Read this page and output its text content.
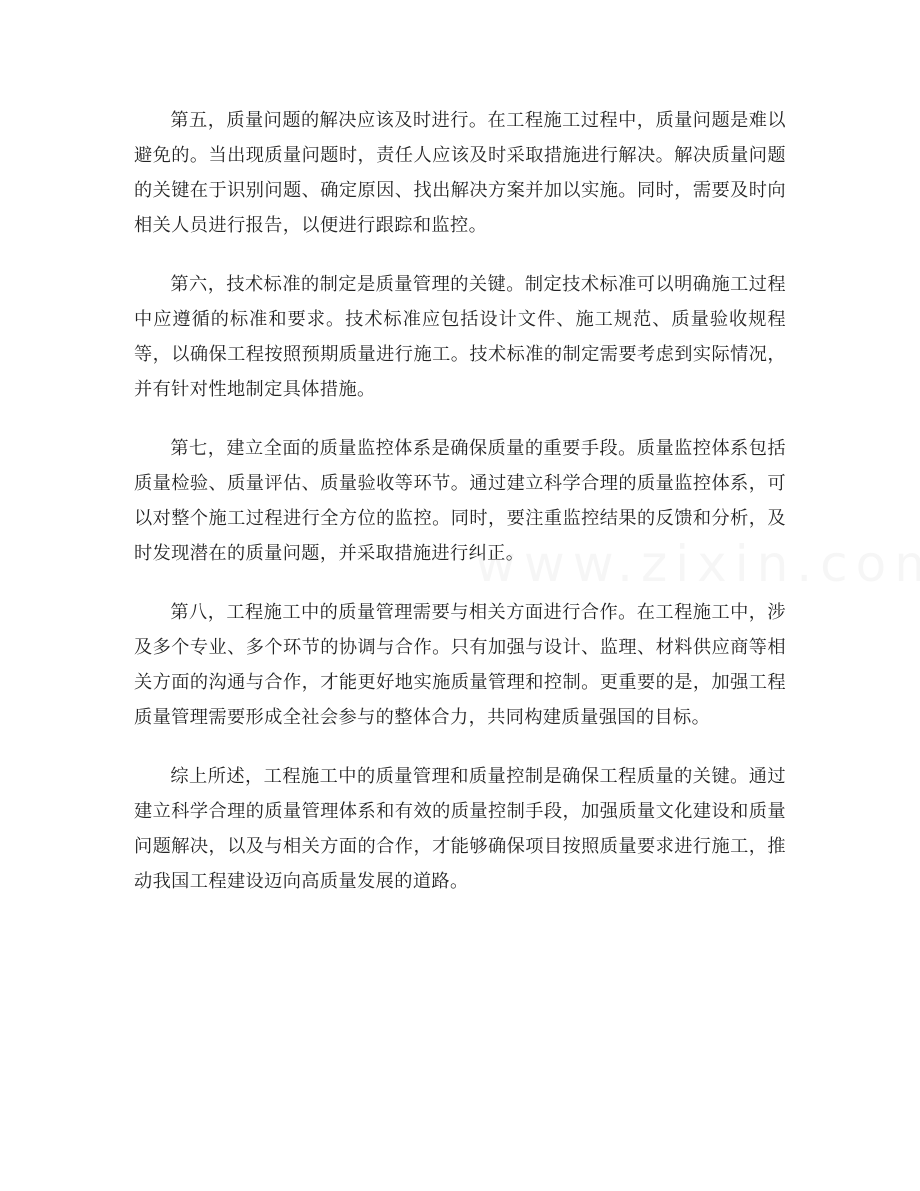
第五，质量问题的解决应该及时进行。在工程施工过程中，质量问题是难以避免的。当出现质量问题时，责任人应该及时采取措施进行解决。解决质量问题的关键在于识别问题、确定原因、找出解决方案并加以实施。同时，需要及时向相关人员进行报告，以便进行跟踪和监控。

第六，技术标准的制定是质量管理的关键。制定技术标准可以明确施工过程中应遵循的标准和要求。技术标准应包括设计文件、施工规范、质量验收规程等，以确保工程按照预期质量进行施工。技术标准的制定需要考虑到实际情况，并有针对性地制定具体措施。

第七，建立全面的质量监控体系是确保质量的重要手段。质量监控体系包括质量检验、质量评估、质量验收等环节。通过建立科学合理的质量监控体系，可以对整个施工过程进行全方位的监控。同时，要注重监控结果的反馈和分析，及时发现潜在的质量问题，并采取措施进行纠正。

第八，工程施工中的质量管理需要与相关方面进行合作。在工程施工中，涉及多个专业、多个环节的协调与合作。只有加强与设计、监理、材料供应商等相关方面的沟通与合作，才能更好地实施质量管理和控制。更重要的是，加强工程质量管理需要形成全社会参与的整体合力，共同构建质量强国的目标。

综上所述，工程施工中的质量管理和质量控制是确保工程质量的关键。通过建立科学合理的质量管理体系和有效的质量控制手段，加强质量文化建设和质量问题解决，以及与相关方面的合作，才能够确保项目按照质量要求进行施工，推动我国工程建设迈向高质量发展的道路。
